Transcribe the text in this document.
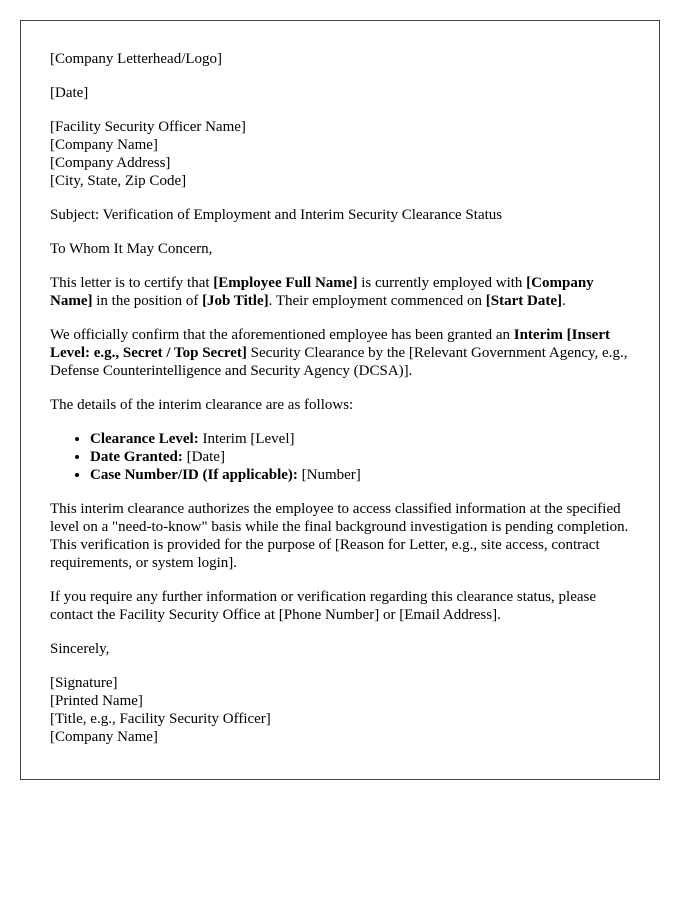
[Company Letterhead/Logo]

[Date]

[Facility Security Officer Name]
[Company Name]
[Company Address]
[City, State, Zip Code]

Subject: Verification of Employment and Interim Security Clearance Status

To Whom It May Concern,

This letter is to certify that [Employee Full Name] is currently employed with [Company Name] in the position of [Job Title]. Their employment commenced on [Start Date].

We officially confirm that the aforementioned employee has been granted an Interim [Insert Level: e.g., Secret / Top Secret] Security Clearance by the [Relevant Government Agency, e.g., Defense Counterintelligence and Security Agency (DCSA)].

The details of the interim clearance are as follows:

• Clearance Level: Interim [Level]
• Date Granted: [Date]
• Case Number/ID (If applicable): [Number]

This interim clearance authorizes the employee to access classified information at the specified level on a "need-to-know" basis while the final background investigation is pending completion. This verification is provided for the purpose of [Reason for Letter, e.g., site access, contract requirements, or system login].

If you require any further information or verification regarding this clearance status, please contact the Facility Security Office at [Phone Number] or [Email Address].

Sincerely,

[Signature]
[Printed Name]
[Title, e.g., Facility Security Officer]
[Company Name]
